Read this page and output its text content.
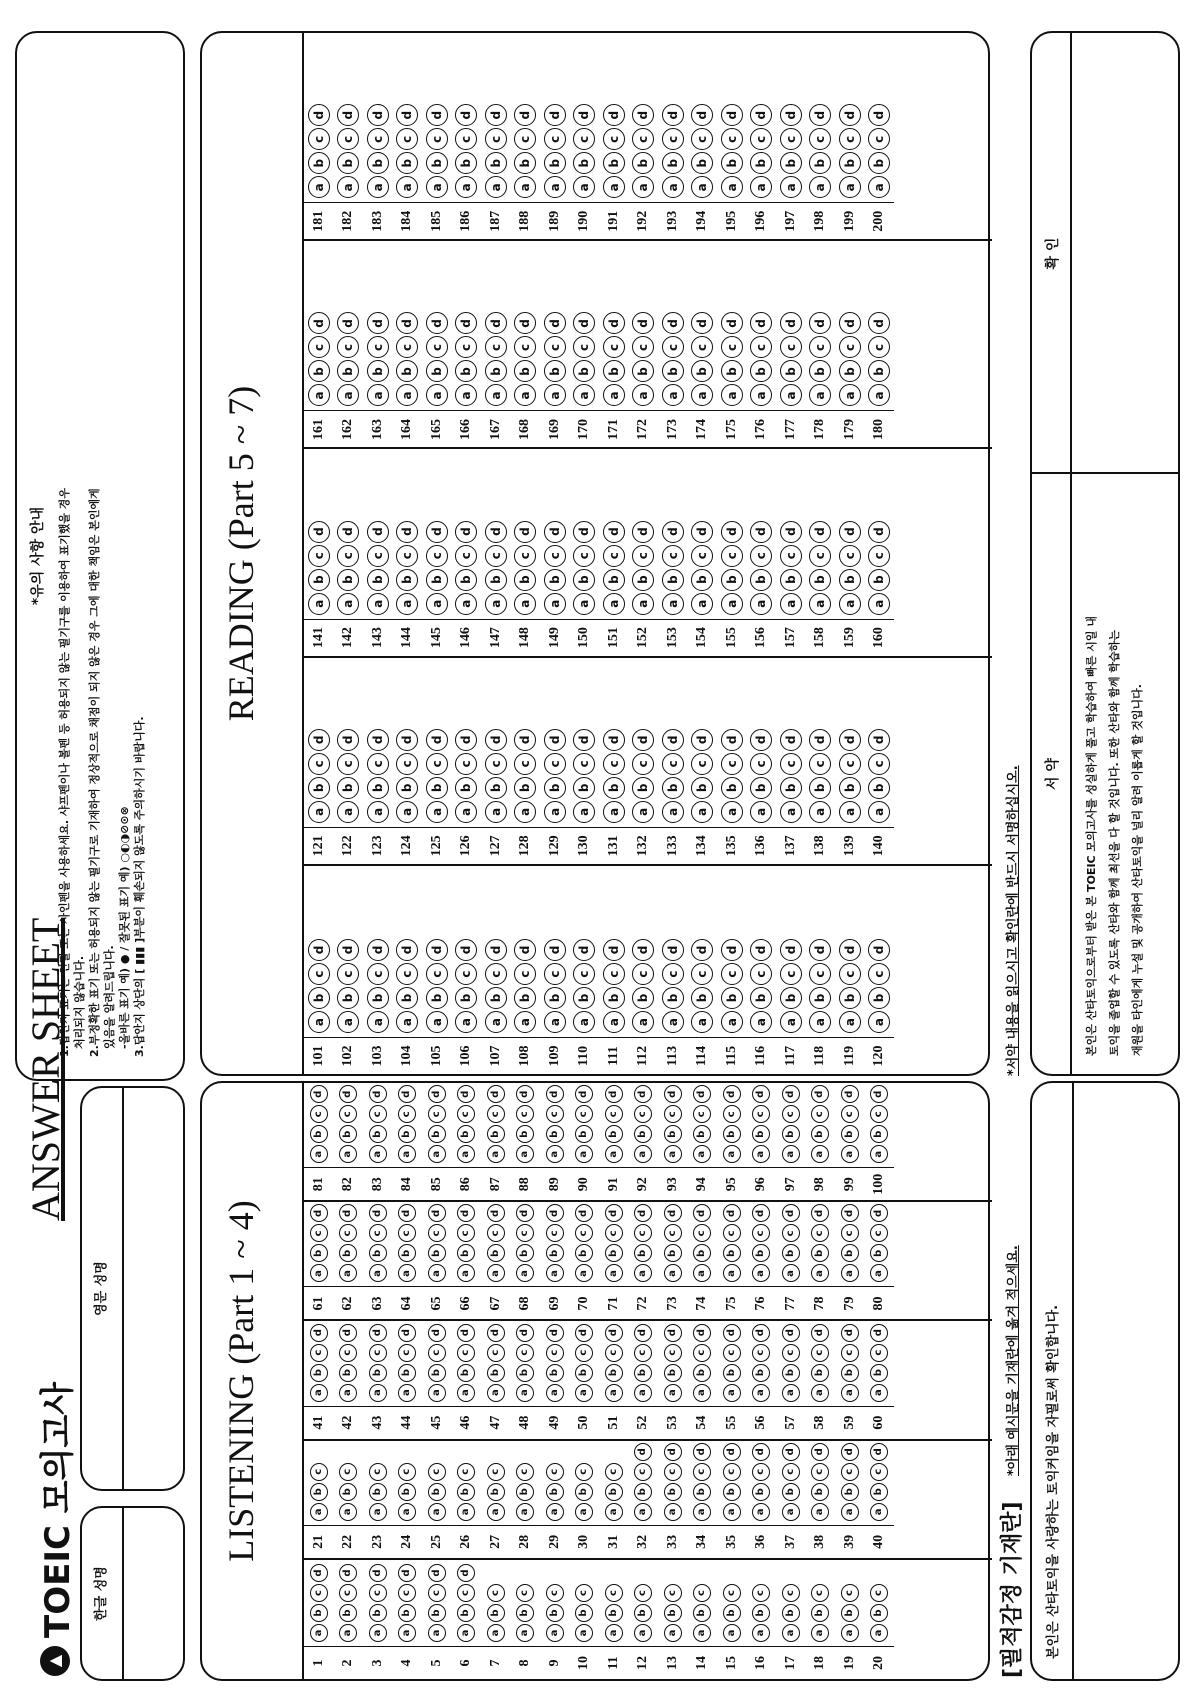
▲
TOEIC 모의고사
ANSWER SHEET
한글 성명
영문 성명
*유의 사항 안내 1.답안지 표기는 연필 또는 사인펜을 사용하세요. 샤프펜이나 볼펜 등 허용되지 않는 필기구를 이용하여 표기했을 경우 처리되지 않습니다. 2.부정확한 표기 또는 허용되지 않는 필기구로 기재하여 정상적으로 채점이 되지 않은 경우 그에 대한 책임은 본인에게 있음을 알려드립니다. -올바른 표기 예) ● / 잘못된 표기 예) ○◐◑⊘⊙⊗ 3.답안지 상단의 [ ▮▮▮ ]부분이 훼손되지 않도록 주의하시기 바랍니다.
LISTENING (Part 1 ~ 4)
1
a
b
c
d
2
a
b
c
d
3
a
b
c
d
4
a
b
c
d
5
a
b
c
d
6
a
b
c
d
7
a
b
c
8
a
b
c
9
a
b
c
10
a
b
c
11
a
b
c
12
a
b
c
13
a
b
c
14
a
b
c
15
a
b
c
16
a
b
c
17
a
b
c
18
a
b
c
19
a
b
c
20
a
b
c
21
a
b
c
22
a
b
c
23
a
b
c
24
a
b
c
25
a
b
c
26
a
b
c
27
a
b
c
28
a
b
c
29
a
b
c
30
a
b
c
31
a
b
c
32
a
b
c
d
33
a
b
c
d
34
a
b
c
d
35
a
b
c
d
36
a
b
c
d
37
a
b
c
d
38
a
b
c
d
39
a
b
c
d
40
a
b
c
d
41
a
b
c
d
42
a
b
c
d
43
a
b
c
d
44
a
b
c
d
45
a
b
c
d
46
a
b
c
d
47
a
b
c
d
48
a
b
c
d
49
a
b
c
d
50
a
b
c
d
51
a
b
c
d
52
a
b
c
d
53
a
b
c
d
54
a
b
c
d
55
a
b
c
d
56
a
b
c
d
57
a
b
c
d
58
a
b
c
d
59
a
b
c
d
60
a
b
c
d
61
a
b
c
d
62
a
b
c
d
63
a
b
c
d
64
a
b
c
d
65
a
b
c
d
66
a
b
c
d
67
a
b
c
d
68
a
b
c
d
69
a
b
c
d
70
a
b
c
d
71
a
b
c
d
72
a
b
c
d
73
a
b
c
d
74
a
b
c
d
75
a
b
c
d
76
a
b
c
d
77
a
b
c
d
78
a
b
c
d
79
a
b
c
d
80
a
b
c
d
81
a
b
c
d
82
a
b
c
d
83
a
b
c
d
84
a
b
c
d
85
a
b
c
d
86
a
b
c
d
87
a
b
c
d
88
a
b
c
d
89
a
b
c
d
90
a
b
c
d
91
a
b
c
d
92
a
b
c
d
93
a
b
c
d
94
a
b
c
d
95
a
b
c
d
96
a
b
c
d
97
a
b
c
d
98
a
b
c
d
99
a
b
c
d
100
a
b
c
d
READING (Part 5 ~ 7)
101
a
b
c
d
102
a
b
c
d
103
a
b
c
d
104
a
b
c
d
105
a
b
c
d
106
a
b
c
d
107
a
b
c
d
108
a
b
c
d
109
a
b
c
d
110
a
b
c
d
111
a
b
c
d
112
a
b
c
d
113
a
b
c
d
114
a
b
c
d
115
a
b
c
d
116
a
b
c
d
117
a
b
c
d
118
a
b
c
d
119
a
b
c
d
120
a
b
c
d
121
a
b
c
d
122
a
b
c
d
123
a
b
c
d
124
a
b
c
d
125
a
b
c
d
126
a
b
c
d
127
a
b
c
d
128
a
b
c
d
129
a
b
c
d
130
a
b
c
d
131
a
b
c
d
132
a
b
c
d
133
a
b
c
d
134
a
b
c
d
135
a
b
c
d
136
a
b
c
d
137
a
b
c
d
138
a
b
c
d
139
a
b
c
d
140
a
b
c
d
141
a
b
c
d
142
a
b
c
d
143
a
b
c
d
144
a
b
c
d
145
a
b
c
d
146
a
b
c
d
147
a
b
c
d
148
a
b
c
d
149
a
b
c
d
150
a
b
c
d
151
a
b
c
d
152
a
b
c
d
153
a
b
c
d
154
a
b
c
d
155
a
b
c
d
156
a
b
c
d
157
a
b
c
d
158
a
b
c
d
159
a
b
c
d
160
a
b
c
d
161
a
b
c
d
162
a
b
c
d
163
a
b
c
d
164
a
b
c
d
165
a
b
c
d
166
a
b
c
d
167
a
b
c
d
168
a
b
c
d
169
a
b
c
d
170
a
b
c
d
171
a
b
c
d
172
a
b
c
d
173
a
b
c
d
174
a
b
c
d
175
a
b
c
d
176
a
b
c
d
177
a
b
c
d
178
a
b
c
d
179
a
b
c
d
180
a
b
c
d
181
a
b
c
d
182
a
b
c
d
183
a
b
c
d
184
a
b
c
d
185
a
b
c
d
186
a
b
c
d
187
a
b
c
d
188
a
b
c
d
189
a
b
c
d
190
a
b
c
d
191
a
b
c
d
192
a
b
c
d
193
a
b
c
d
194
a
b
c
d
195
a
b
c
d
196
a
b
c
d
197
a
b
c
d
198
a
b
c
d
199
a
b
c
d
200
a
b
c
d
[필적감정 기재란]
*아래 예시문을 기재란에 옮겨 적으세요.	본인은 산타토익을 사랑하는 토익커임을 자필로써 확인합니다.
*서약 내용을 읽으시고 확인란에 반드시 서명하십시오. 서 약
확 인
본인은 산타토익으로부터 받은 본 TOEIC 모의고사를 성실하게 풀고 학습하여 빠른 시일 내 토익을 졸업할 수 있도록 산타와 함께 최선을 다 할 것입니다. 또한 산타와 함께 학습하는 재원을 타인에게 누설 및 공개하여 산타토익을 널리 알려 이롭게 할 것입니다.
